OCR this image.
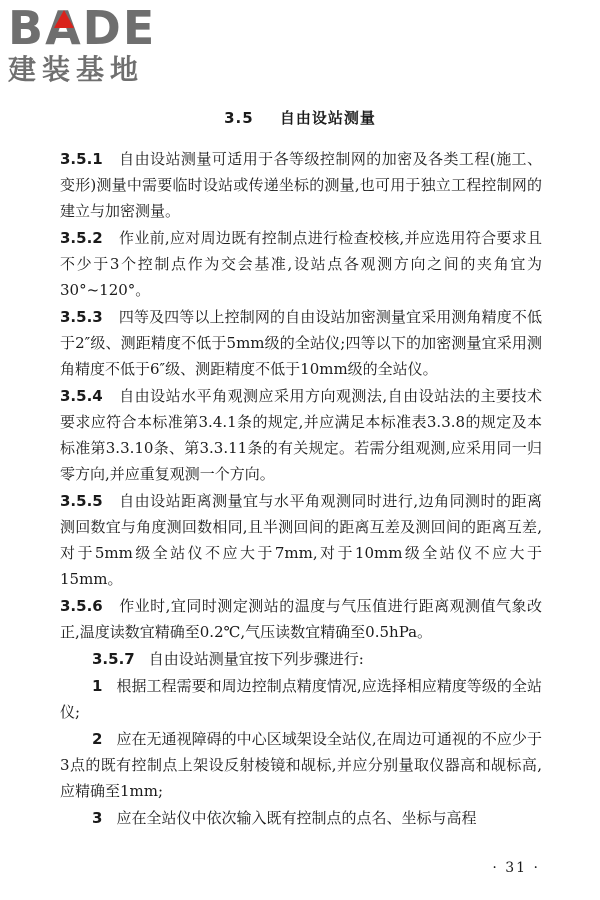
B A DE
建装基地
3.5 自由设站测量

3.5.1 自由设站测量可适用于各等级控制网的加密及各类工程(施工、变形)测量中需要临时设站或传递坐标的测量,也可用于独立工程控制网的建立与加密测量。

3.5.2 作业前,应对周边既有控制点进行检查校核,并应选用符合要求且不少于3个控制点作为交会基准,设站点各观测方向之间的夹角宜为30°~120°。

3.5.3 四等及四等以上控制网的自由设站加密测量宜采用测角精度不低于2″级、测距精度不低于5mm级的全站仪;四等以下的加密测量宜采用测角精度不低于6″级、测距精度不低于10mm级的全站仪。

3.5.4 自由设站水平角观测应采用方向观测法,自由设站法的主要技术要求应符合本标准第3.4.1条的规定,并应满足本标准表3.3.8的规定及本标准第3.3.10条、第3.3.11条的有关规定。若需分组观测,应采用同一归零方向,并应重复观测一个方向。

3.5.5 自由设站距离测量宜与水平角观测同时进行,边角同测时的距离测回数宜与角度测回数相同,且半测回间的距离互差及测回间的距离互差,对于5mm级全站仪不应大于7mm,对于10mm级全站仪不应大于15mm。

3.5.6 作业时,宜同时测定测站的温度与气压值进行距离观测值气象改正,温度读数宜精确至0.2℃,气压读数宜精确至0.5hPa。

3.5.7 自由设站测量宜按下列步骤进行:

1 根据工程需要和周边控制点精度情况,应选择相应精度等级的全站仪;

2 应在无通视障碍的中心区域架设全站仪,在周边可通视的不应少于3点的既有控制点上架设反射棱镜和觇标,并应分别量取仪器高和觇标高,应精确至1mm;

3 应在全站仪中依次输入既有控制点的点名、坐标与高程

· 31 ·
